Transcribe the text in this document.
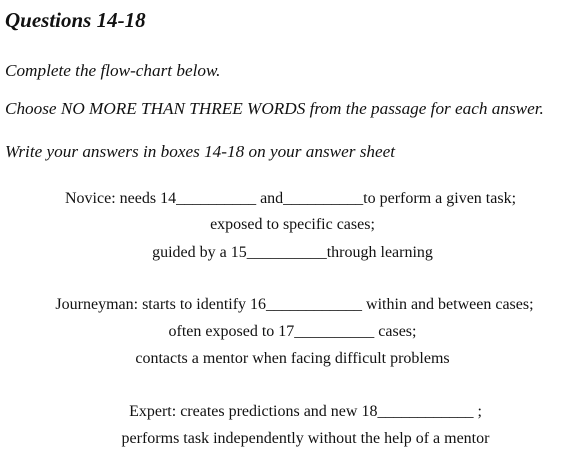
Questions 14-18
Complete the flow-chart below.
Choose NO MORE THAN THREE WORDS from the passage for each answer.
Write your answers in boxes 14-18 on your answer sheet
Novice: needs 14__________ and__________to perform a given task;
exposed to specific cases;
guided by a 15__________through learning
Journeyman: starts to identify 16____________ within and between cases;
often exposed to 17__________ cases;
contacts a mentor when facing difficult problems
Expert: creates predictions and new 18____________ ;
performs task independently without the help of a mentor
